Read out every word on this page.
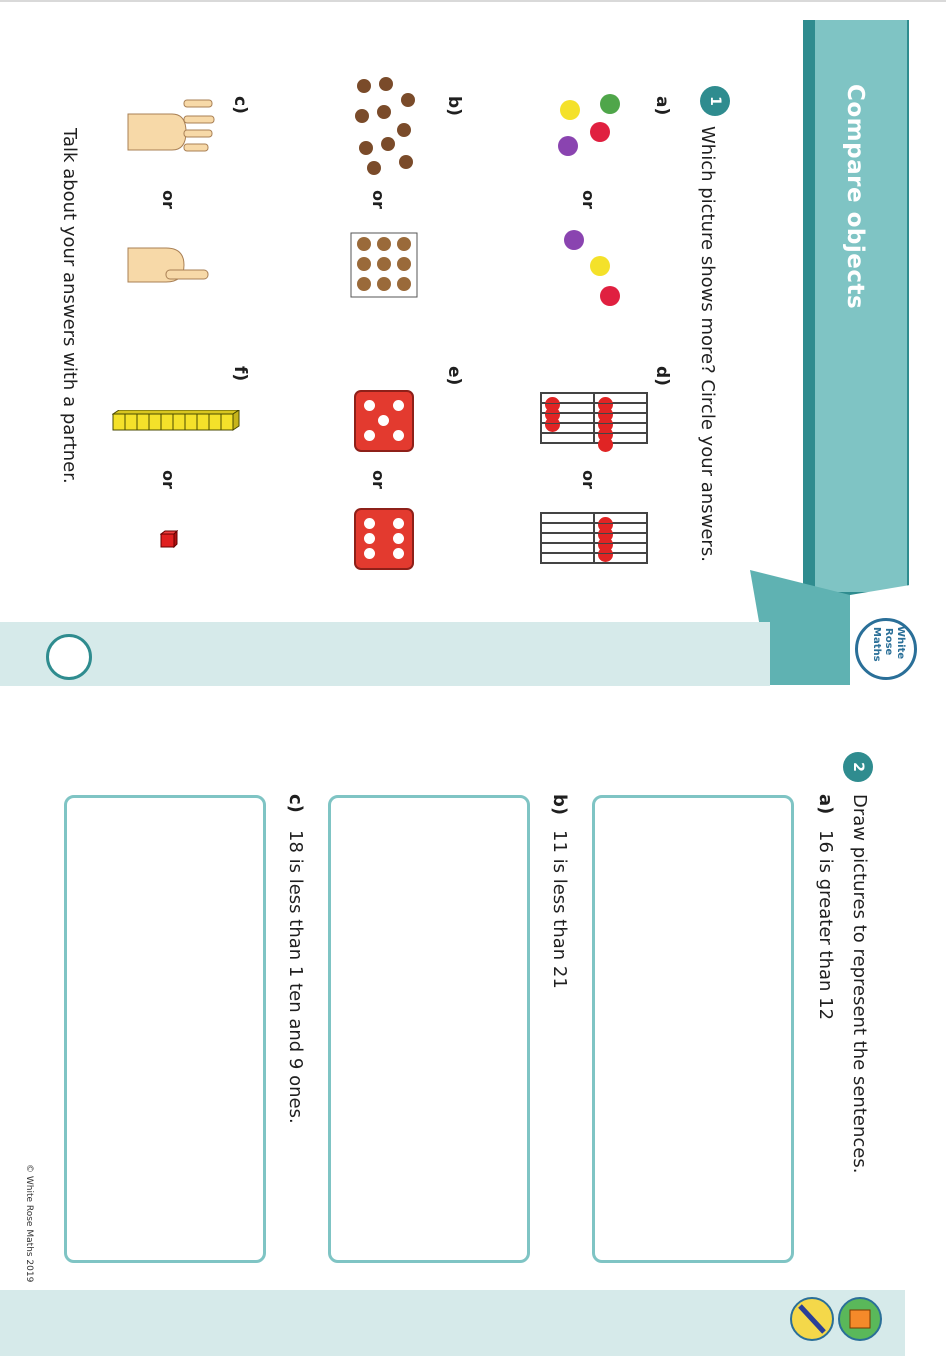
Compare objects
White
Rose
Maths
1
Which picture shows more? Circle your answers.
a)
b)
c)
d)
e)
f)
or
or
or
or
or
or
Talk about your answers with a partner.
2
Draw pictures to represent the sentences.
a)
16 is greater than 12
b)
11 is less than 21
c)
18 is less than 1 ten and 9 ones.
© White Rose Maths 2019
